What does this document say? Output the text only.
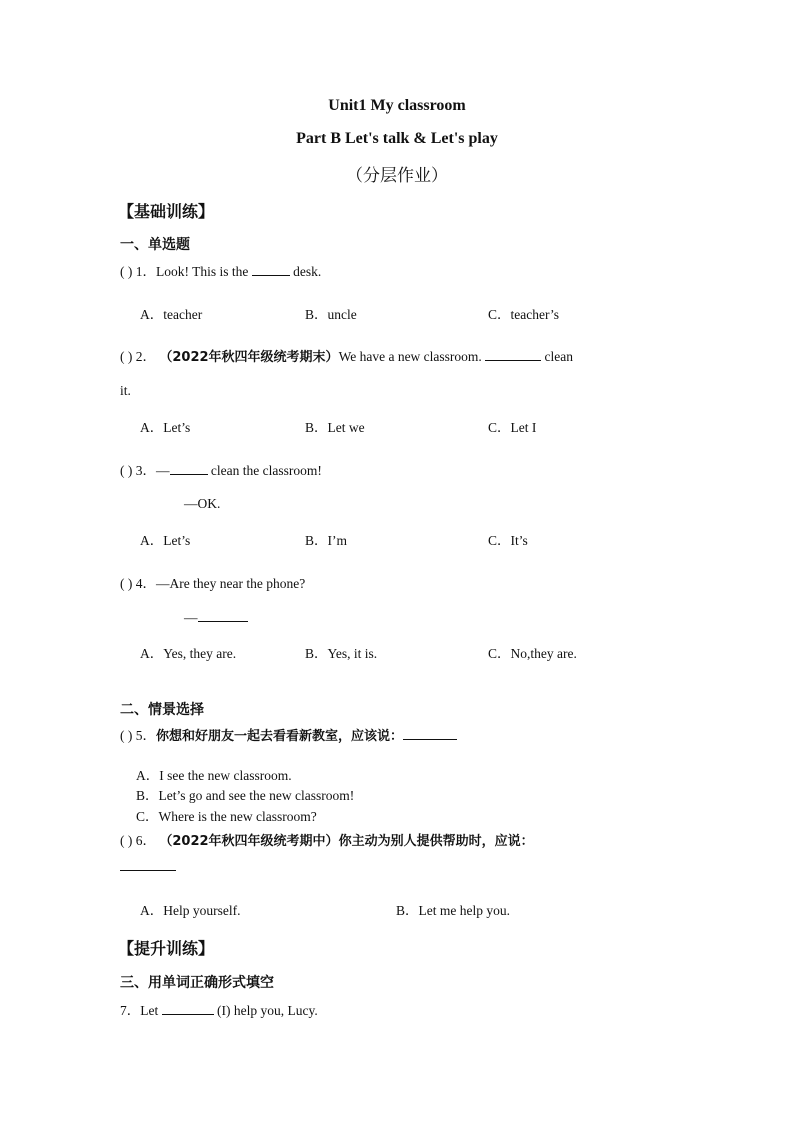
Unit1 My classroom
Part B Let's talk & Let's play
（分层作业）
【基础训练】
一、单选题
( ) 1．Look! This is the	desk.
A．teacher	B．uncle	C．teacher’s
( ) 2． （2022年秋四年级统考期末）We have a new classroom.	clean
it.
A．Let’s	B．Let we	C．Let I
( ) 3．—	clean the classroom!
—OK.
A．Let’s	B．I’m	C．It’s
( ) 4．—Are they near the phone?
—
A．Yes, they are.	B．Yes, it is.	C．No,they are.
二、情景选择
( ) 5．你想和好朋友一起去看看新教室，应该说：
A．I see the new classroom.
B．Let’s go and see the new classroom!
C．Where is the new classroom?
( ) 6． （2022年秋四年级统考期中）你主动为别人提供帮助时，应说：
A．Help yourself.	B．Let me help you.
【提升训练】
三、用单词正确形式填空
7．Let	(I) help you, Lucy.
